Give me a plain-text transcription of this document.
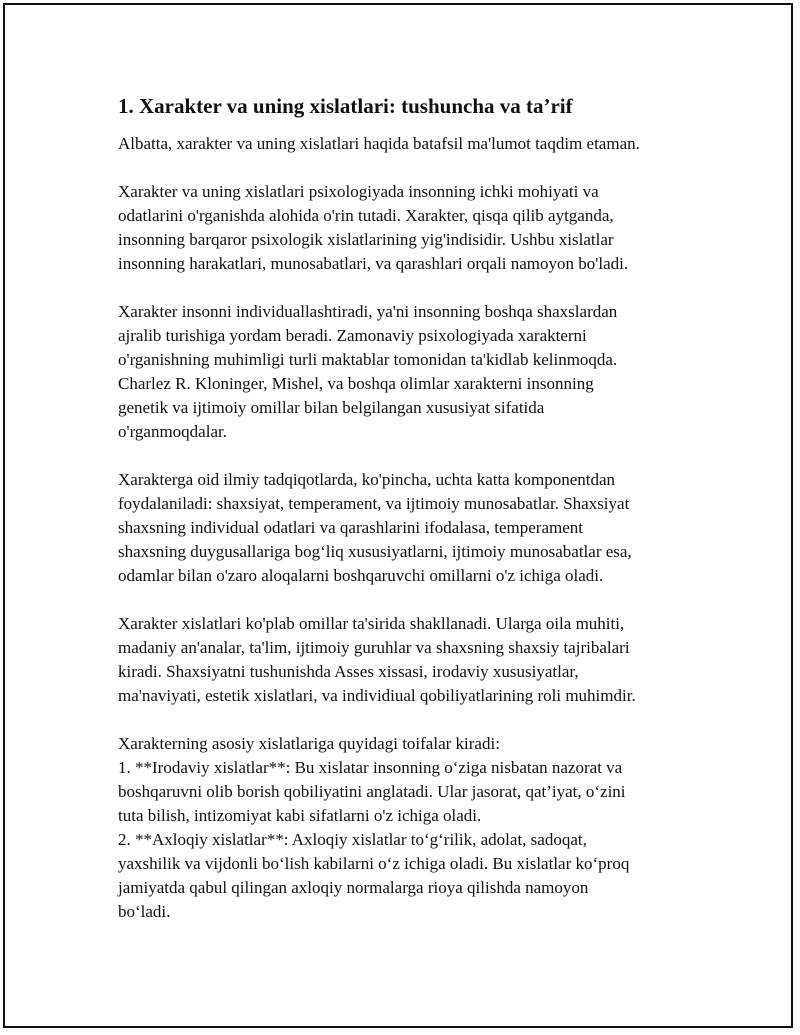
1. Xarakter va uning xislatlari: tushuncha va ta’rif
Albatta, xarakter va uning xislatlari haqida batafsil ma'lumot taqdim etaman.
Xarakter va uning xislatlari psixologiyada insonning ichki mohiyati va
odatlarini o'rganishda alohida o'rin tutadi. Xarakter, qisqa qilib aytganda,
insonning barqaror psixologik xislatlarining yig'indisidir. Ushbu xislatlar
insonning harakatlari, munosabatlari, va qarashlari orqali namoyon bo'ladi.
Xarakter insonni individuallashtiradi, ya'ni insonning boshqa shaxslardan
ajralib turishiga yordam beradi. Zamonaviy psixologiyada xarakterni
o'rganishning muhimligi turli maktablar tomonidan ta'kidlab kelinmoqda.
Charlez R. Kloninger, Mishel, va boshqa olimlar xarakterni insonning
genetik va ijtimoiy omillar bilan belgilangan xususiyat sifatida
o'rganmoqdalar.
Xarakterga oid ilmiy tadqiqotlarda, ko'pincha, uchta katta komponentdan
foydalaniladi: shaxsiyat, temperament, va ijtimoiy munosabatlar. Shaxsiyat
shaxsning individual odatlari va qarashlarini ifodalasa, temperament
shaxsning duygusallariga bog‘liq xususiyatlarni, ijtimoiy munosabatlar esa,
odamlar bilan o'zaro aloqalarni boshqaruvchi omillarni o'z ichiga oladi.
Xarakter xislatlari ko'plab omillar ta'sirida shakllanadi. Ularga oila muhiti,
madaniy an'analar, ta'lim, ijtimoiy guruhlar va shaxsning shaxsiy tajribalari
kiradi. Shaxsiyatni tushunishda Asses xissasi, irodaviy xususiyatlar,
ma'naviyati, estetik xislatlari, va individiual qobiliyatlarining roli muhimdir.
Xarakterning asosiy xislatlariga quyidagi toifalar kiradi:
1. **Irodaviy xislatlar**: Bu xislatar insonning o‘ziga nisbatan nazorat va
boshqaruvni olib borish qobiliyatini anglatadi. Ular jasorat, qat’iyat, o‘zini
tuta bilish, intizomiyat kabi sifatlarni o'z ichiga oladi.
2. **Axloqiy xislatlar**: Axloqiy xislatlar to‘g‘rilik, adolat, sadoqat,
yaxshilik va vijdonli bo‘lish kabilarni o‘z ichiga oladi. Bu xislatlar ko‘proq
jamiyatda qabul qilingan axloqiy normalarga rioya qilishda namoyon
bo‘ladi.
